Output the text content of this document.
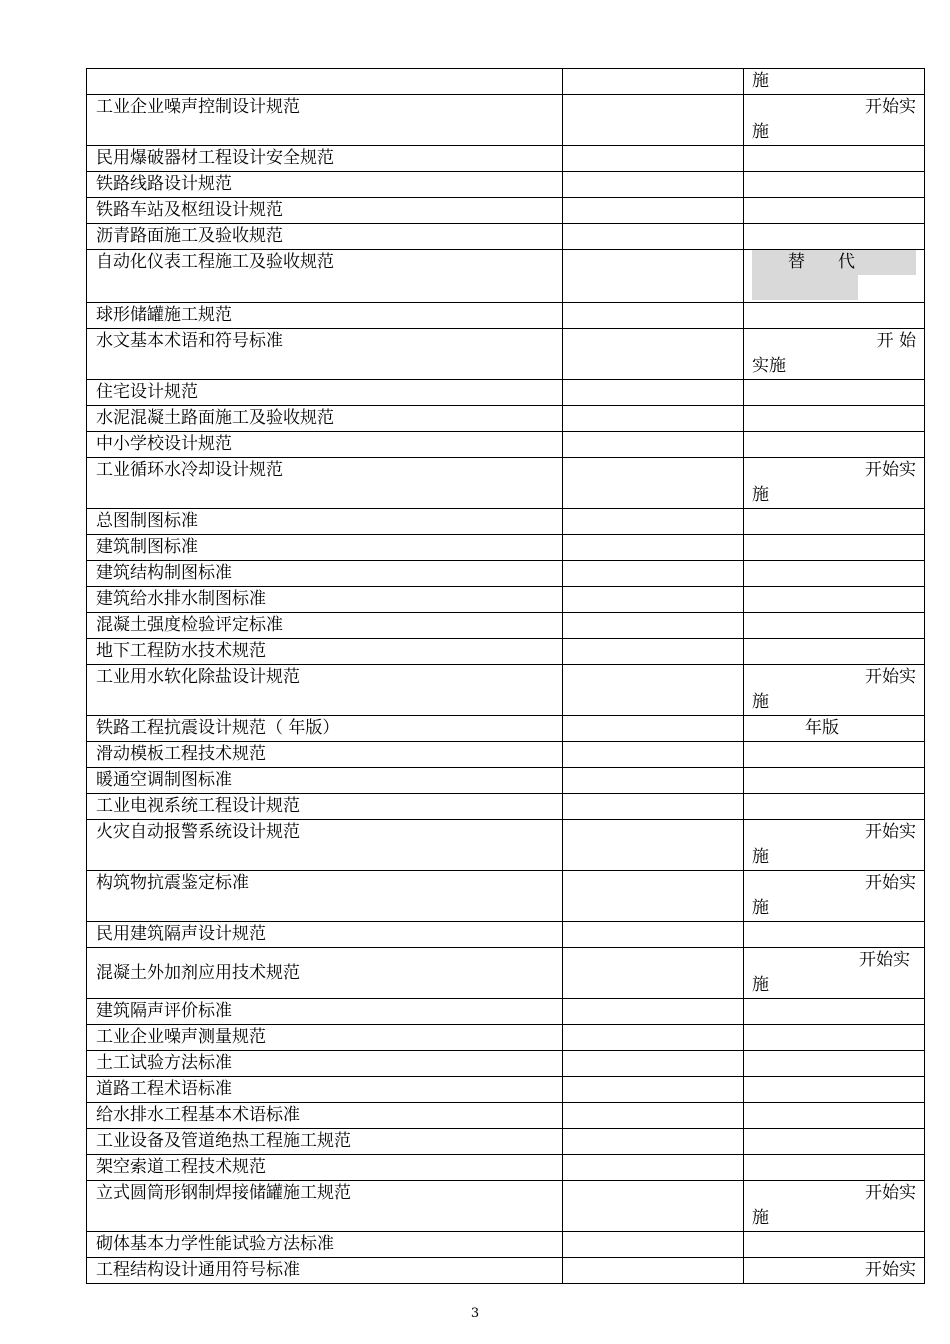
		施

工业企业噪声控制设计规范		开始实
施

民用爆破器材工程设计安全规范		
铁路线路设计规范		
铁路车站及枢纽设计规范		
沥青路面施工及验收规范		
自动化仪表工程施工及验收规范		替 代

球形储罐施工规范		
水文基本术语和符号标准		开 始
实施

住宅设计规范		
水泥混凝土路面施工及验收规范		
中小学校设计规范		
工业循环水冷却设计规范		开始实
施

总图制图标准		
建筑制图标准		
建筑结构制图标准		
建筑给水排水制图标准		
混凝土强度检验评定标准		
地下工程防水技术规范		
工业用水软化除盐设计规范		开始实
施

铁路工程抗震设计规范（ 年版）		年版

滑动模板工程技术规范		
暖通空调制图标准		
工业电视系统工程设计规范		
火灾自动报警系统设计规范		开始实
施

构筑物抗震鉴定标准		开始实
施

民用建筑隔声设计规范		
混凝土外加剂应用技术规范		开始实
施

建筑隔声评价标准		
工业企业噪声测量规范		
土工试验方法标准		
道路工程术语标准		
给水排水工程基本术语标准		
工业设备及管道绝热工程施工规范		
架空索道工程技术规范		
立式圆筒形钢制焊接储罐施工规范		开始实
施

砌体基本力学性能试验方法标准		
工程结构设计通用符号标准		开始实
3
